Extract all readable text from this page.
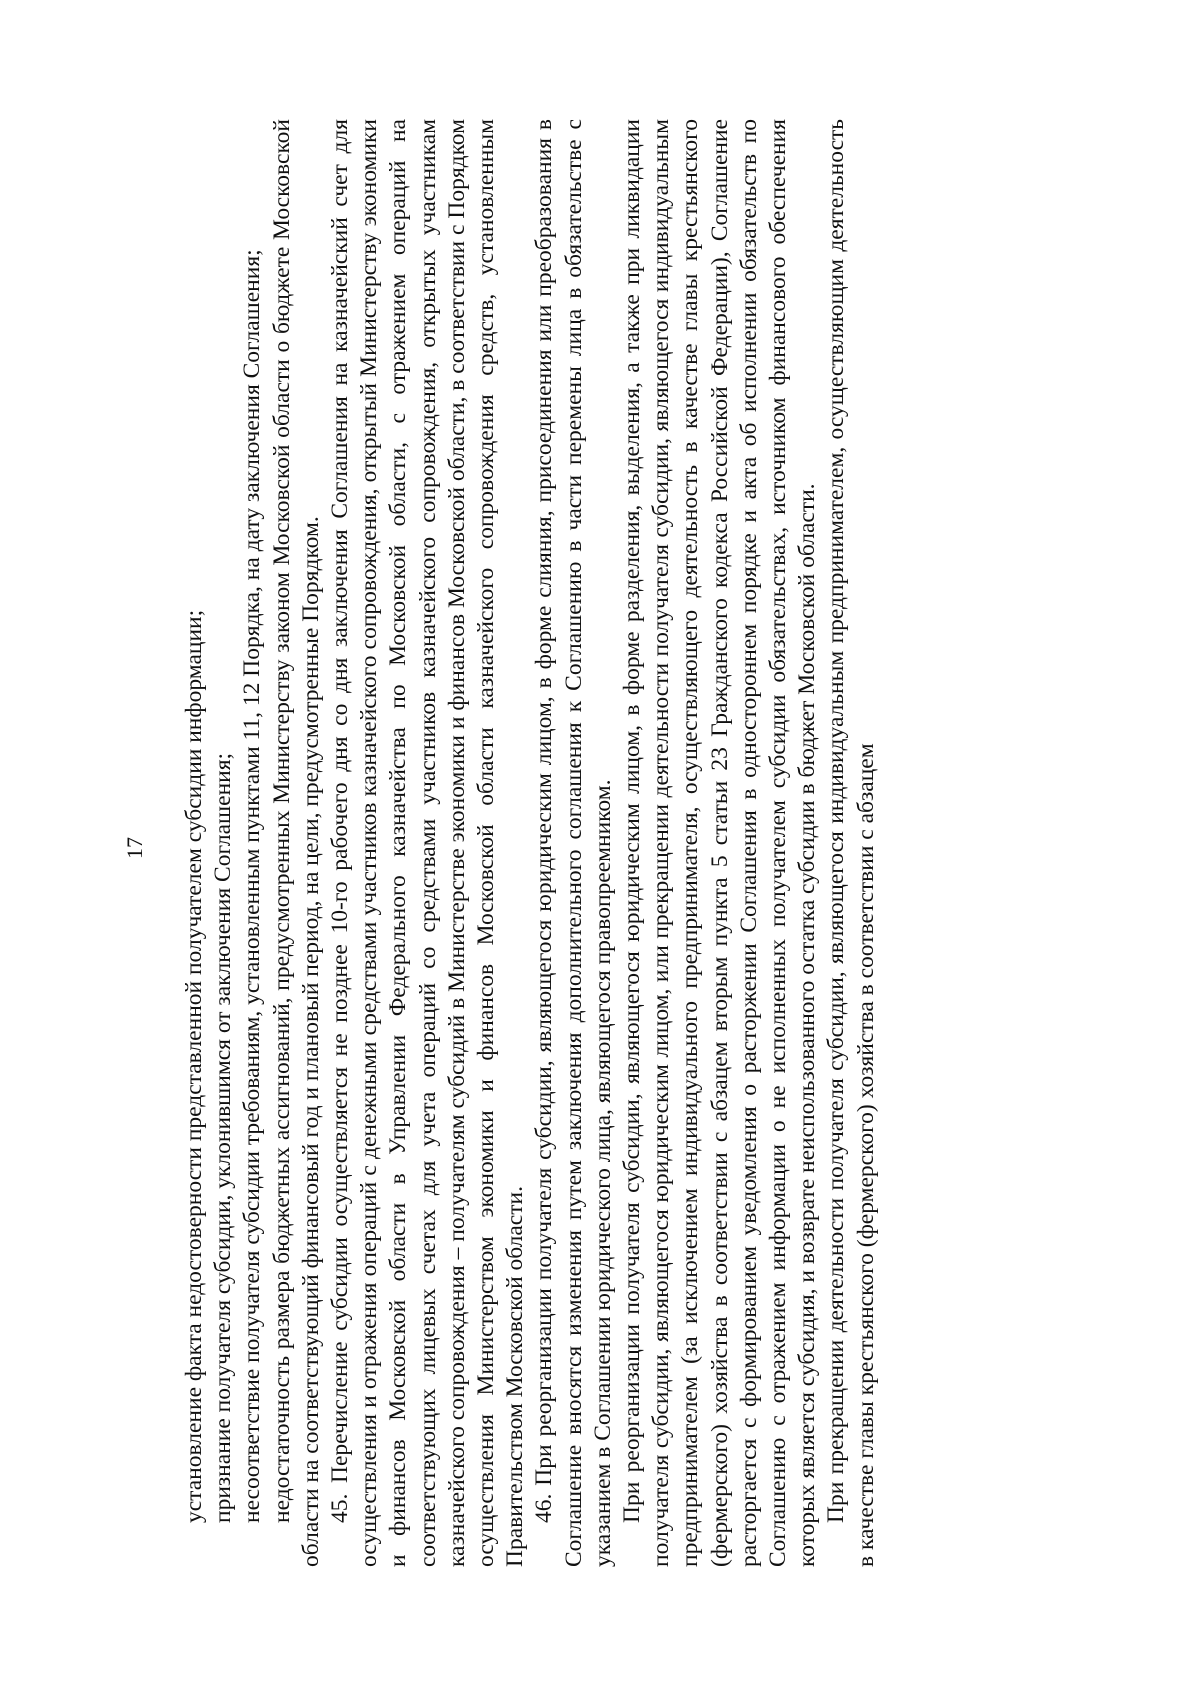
17 установление факта недостоверности представленной получателем субсидии информации; признание получателя субсидии, уклонившимся от заключения Соглашения; несоответствие получателя субсидии требованиям, установленным пунктами 11, 12 Порядка, на дату заключения Соглашения; недостаточность размера бюджетных ассигнований, предусмотренных Министерству законом Московской области о бюджете Московской области на соответствующий финансовый год и плановый период, на цели, предусмотренные Порядком. 45. Перечисление субсидии осуществляется не позднее 10-го рабочего дня со дня заключения Соглашения на казначейский счет для осуществления и отражения операций с денежными средствами участников казначейского сопровождения, открытый Министерству экономики и финансов Московской области в Управлении Федерального казначейства по Московской области, с отражением операций на соответствующих лицевых счетах для учета операций со средствами участников казначейского сопровождения, открытых участникам казначейского сопровождения – получателям субсидий в Министерстве экономики и финансов Московской области, в соответствии с Порядком осуществления Министерством экономики и финансов Московской области казначейского сопровождения средств, установленным Правительством Московской области. 46. При реорганизации получателя субсидии, являющегося юридическим лицом, в форме слияния, присоединения или преобразования в Соглашение вносятся изменения путем заключения дополнительного соглашения к Соглашению в части перемены лица в обязательстве с указанием в Соглашении юридического лица, являющегося правопреемником. При реорганизации получателя субсидии, являющегося юридическим лицом, в форме разделения, выделения, а также при ликвидации получателя субсидии, являющегося юридическим лицом, или прекращении деятельности получателя субсидии, являющегося индивидуальным предпринимателем (за исключением индивидуального предпринимателя, осуществляющего деятельность в качестве главы крестьянского (фермерского) хозяйства в соответствии с абзацем вторым пункта 5 статьи 23 Гражданского кодекса Российской Федерации), Соглашение расторгается с формированием уведомления о расторжении Соглашения в одностороннем порядке и акта об исполнении обязательств по Соглашению с отражением информации о не исполненных получателем субсидии обязательствах, источником финансового обеспечения которых является субсидия, и возврате неиспользованного остатка субсидии в бюджет Московской области. При прекращении деятельности получателя субсидии, являющегося индивидуальным предпринимателем, осуществляющим деятельность в качестве главы крестьянского (фермерского) хозяйства в соответствии с абзацем
